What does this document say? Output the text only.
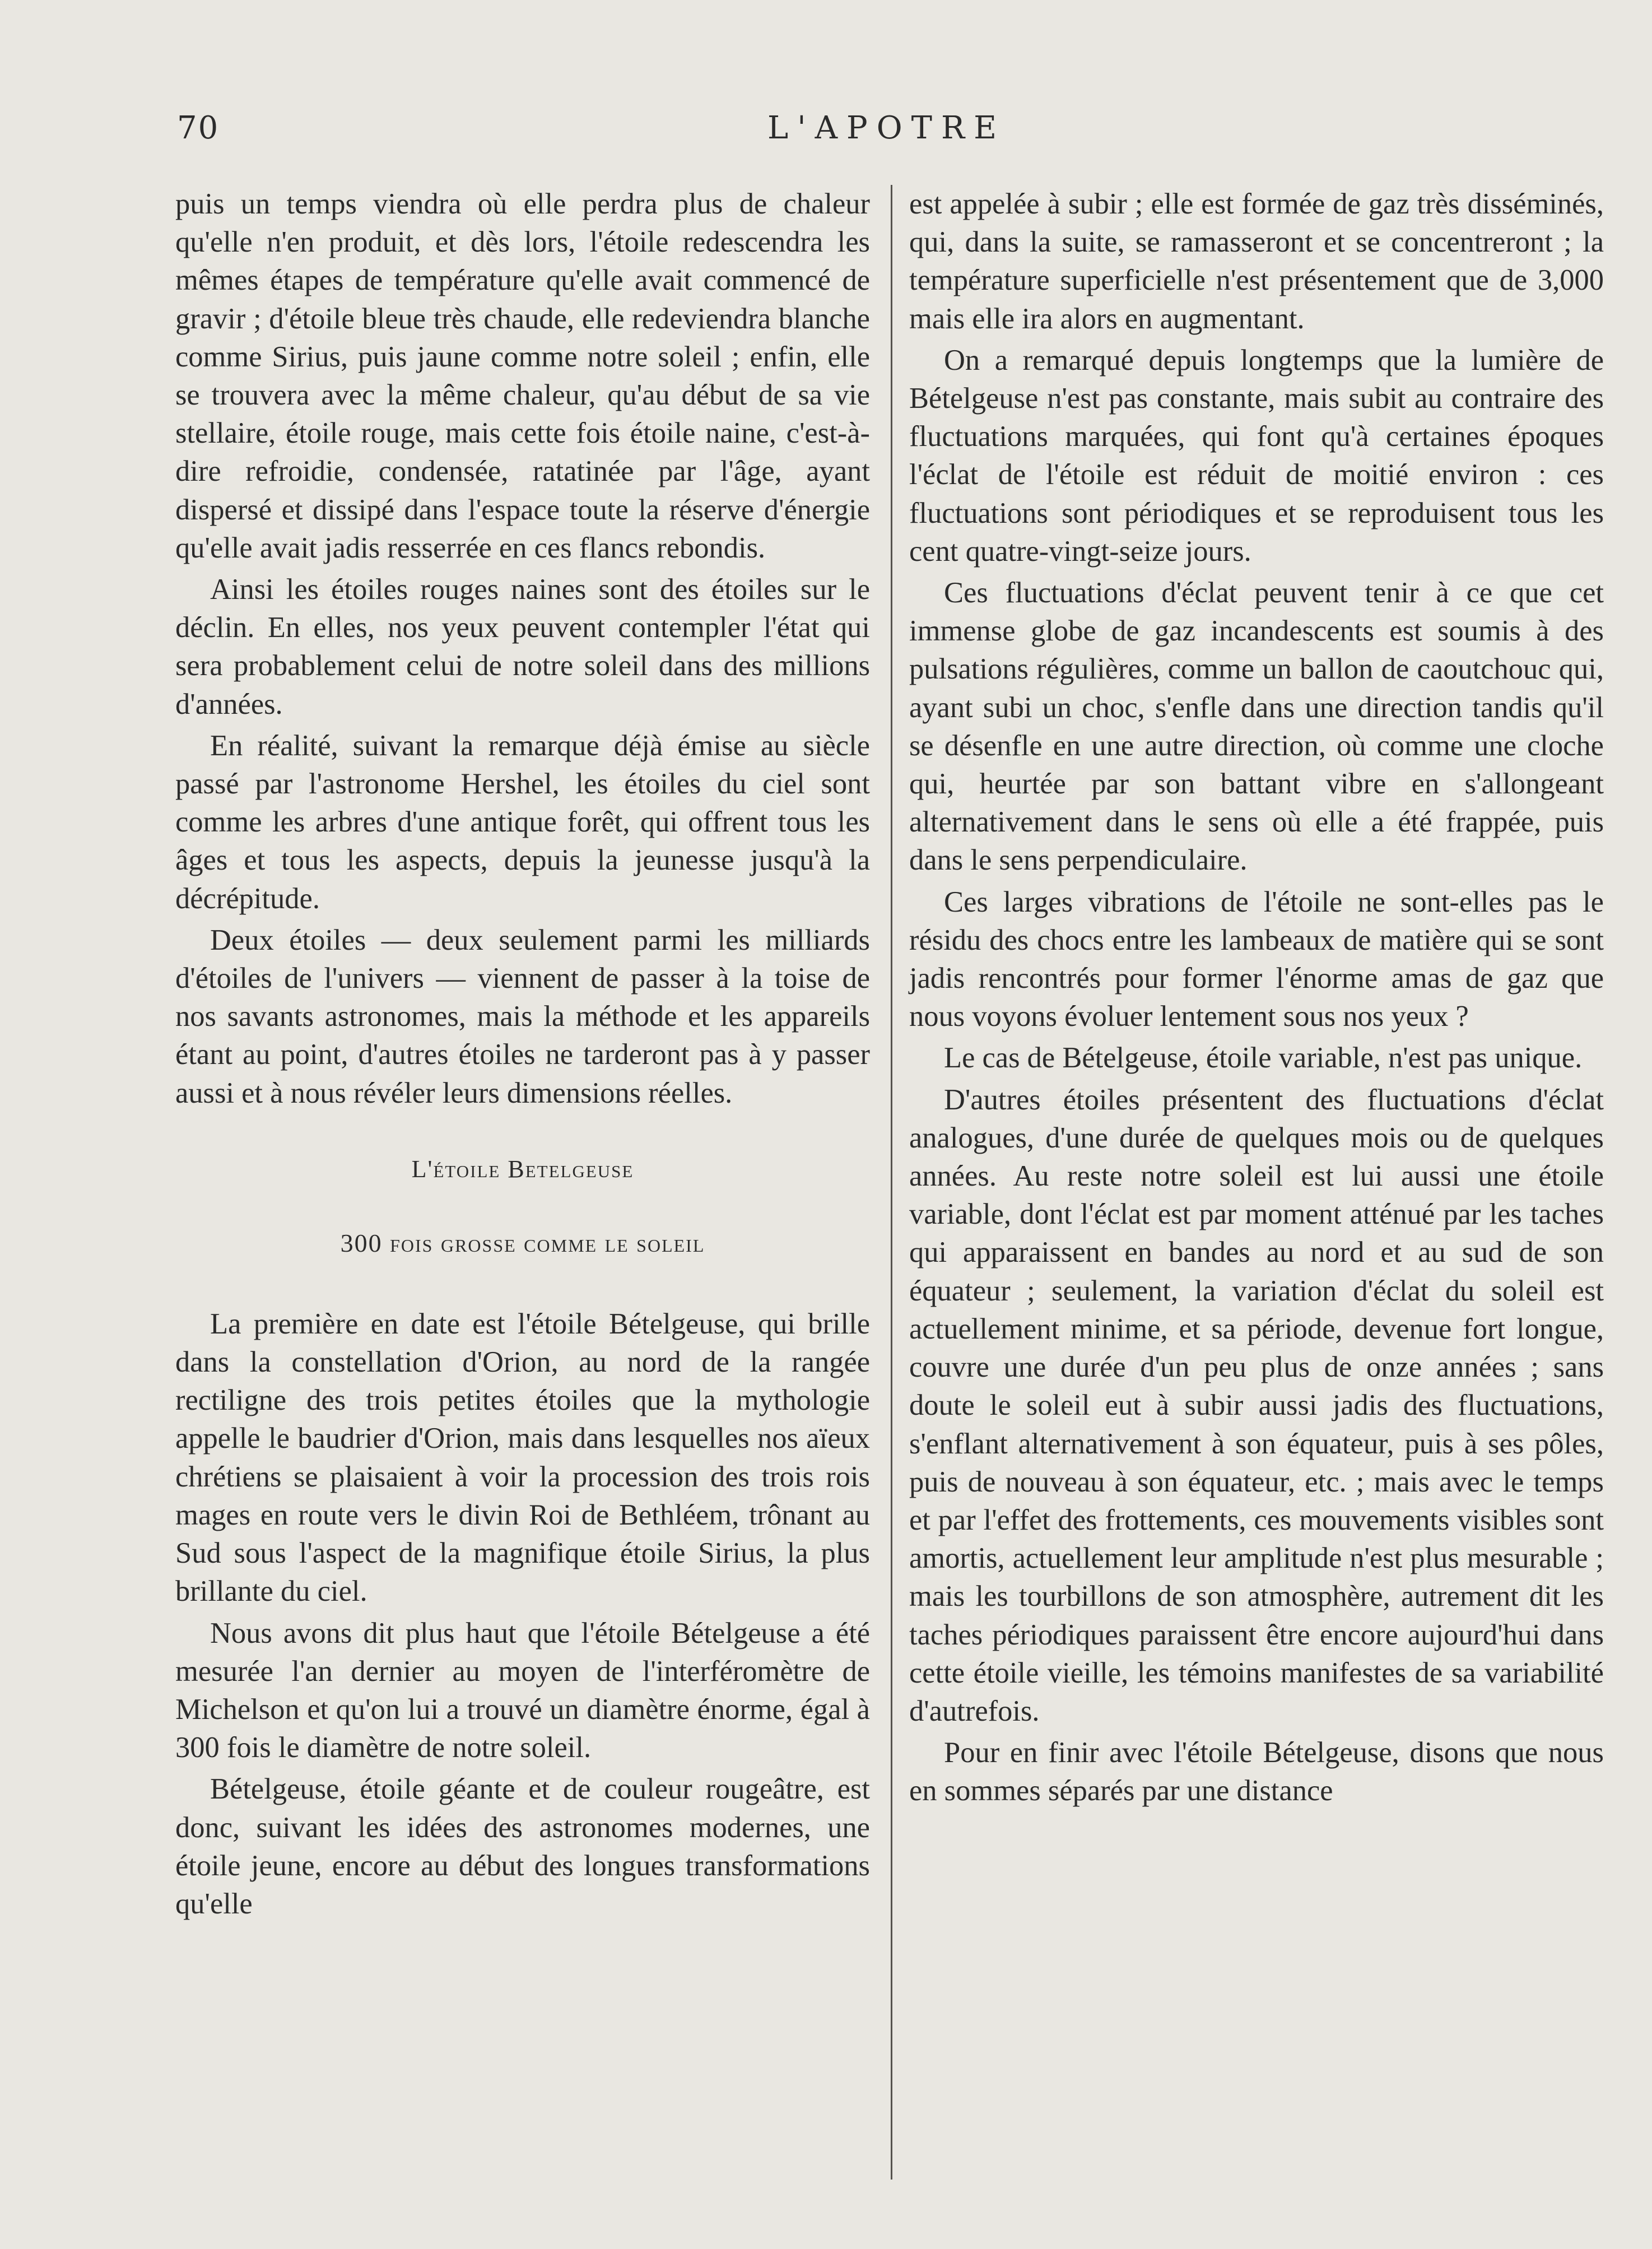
70	L'APOTRE

puis un temps viendra où elle perdra plus de chaleur qu'elle n'en produit, et dès lors, l'étoile redescendra les mêmes étapes de température qu'elle avait commencé de gravir ; d'étoile bleue très chaude, elle redeviendra blanche comme Sirius, puis jaune comme notre soleil ; enfin, elle se trouvera avec la même chaleur, qu'au début de sa vie stellaire, étoile rouge, mais cette fois étoile naine, c'est-à-dire refroidie, condensée, ratatinée par l'âge, ayant dispersé et dissipé dans l'espace toute la réserve d'énergie qu'elle avait jadis resserrée en ces flancs rebondis.

Ainsi les étoiles rouges naines sont des étoiles sur le déclin. En elles, nos yeux peuvent contempler l'état qui sera probablement celui de notre soleil dans des millions d'années.

En réalité, suivant la remarque déjà émise au siècle passé par l'astronome Hershel, les étoiles du ciel sont comme les arbres d'une antique forêt, qui offrent tous les âges et tous les aspects, depuis la jeunesse jusqu'à la décrépitude.

Deux étoiles — deux seulement parmi les milliards d'étoiles de l'univers — viennent de passer à la toise de nos savants astronomes, mais la méthode et les appareils étant au point, d'autres étoiles ne tarderont pas à y passer aussi et à nous révéler leurs dimensions réelles.

L'étoile Betelgeuse

300 fois grosse comme le soleil

La première en date est l'étoile Bételgeuse, qui brille dans la constellation d'Orion, au nord de la rangée rectiligne des trois petites étoiles que la mythologie appelle le baudrier d'Orion, mais dans lesquelles nos aïeux chrétiens se plaisaient à voir la procession des trois rois mages en route vers le divin Roi de Bethléem, trônant au Sud sous l'aspect de la magnifique étoile Sirius, la plus brillante du ciel.

Nous avons dit plus haut que l'étoile Bételgeuse a été mesurée l'an dernier au moyen de l'interféromètre de Michelson et qu'on lui a trouvé un diamètre énorme, égal à 300 fois le diamètre de notre soleil.

Bételgeuse, étoile géante et de couleur rougeâtre, est donc, suivant les idées des astronomes modernes, une étoile jeune, encore au début des longues transformations qu'elle

est appelée à subir ; elle est formée de gaz très disséminés, qui, dans la suite, se ramasseront et se concentreront ; la température superficielle n'est présentement que de 3,000 mais elle ira alors en augmentant.

On a remarqué depuis longtemps que la lumière de Bételgeuse n'est pas constante, mais subit au contraire des fluctuations marquées, qui font qu'à certaines époques l'éclat de l'étoile est réduit de moitié environ : ces fluctuations sont périodiques et se reproduisent tous les cent quatre-vingt-seize jours.

Ces fluctuations d'éclat peuvent tenir à ce que cet immense globe de gaz incandescents est soumis à des pulsations régulières, comme un ballon de caoutchouc qui, ayant subi un choc, s'enfle dans une direction tandis qu'il se désenfle en une autre direction, où comme une cloche qui, heurtée par son battant vibre en s'allongeant alternativement dans le sens où elle a été frappée, puis dans le sens perpendiculaire.

Ces larges vibrations de l'étoile ne sont-elles pas le résidu des chocs entre les lambeaux de matière qui se sont jadis rencontrés pour former l'énorme amas de gaz que nous voyons évoluer lentement sous nos yeux ?

Le cas de Bételgeuse, étoile variable, n'est pas unique.

D'autres étoiles présentent des fluctuations d'éclat analogues, d'une durée de quelques mois ou de quelques années. Au reste notre soleil est lui aussi une étoile variable, dont l'éclat est par moment atténué par les taches qui apparaissent en bandes au nord et au sud de son équateur ; seulement, la variation d'éclat du soleil est actuellement minime, et sa période, devenue fort longue, couvre une durée d'un peu plus de onze années ; sans doute le soleil eut à subir aussi jadis des fluctuations, s'enflant alternativement à son équateur, puis à ses pôles, puis de nouveau à son équateur, etc. ; mais avec le temps et par l'effet des frottements, ces mouvements visibles sont amortis, actuellement leur amplitude n'est plus mesurable ; mais les tourbillons de son atmosphère, autrement dit les taches périodiques paraissent être encore aujourd'hui dans cette étoile vieille, les témoins manifestes de sa variabilité d'autrefois.

Pour en finir avec l'étoile Bételgeuse, disons que nous en sommes séparés par une distance
